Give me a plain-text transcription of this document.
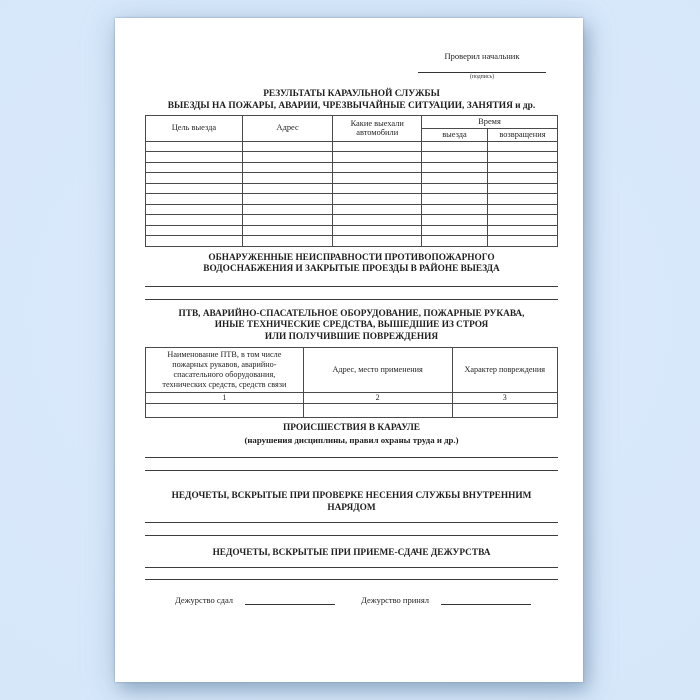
Проверил начальник
(подпись)
РЕЗУЛЬТАТЫ КАРАУЛЬНОЙ СЛУЖБЫ
ВЫЕЗДЫ НА ПОЖАРЫ, АВАРИИ, ЧРЕЗВЫЧАЙНЫЕ СИТУАЦИИ, ЗАНЯТИЯ и др.
Цель выезда	Адрес	Какие выехали автомобили	Время	
			выезда	возвращения

ОБНАРУЖЕННЫЕ НЕИСПРАВНОСТИ ПРОТИВОПОЖАРНОГО
ВОДОСНАБЖЕНИЯ И ЗАКРЫТЫЕ ПРОЕЗДЫ В РАЙОНЕ ВЫЕЗДА
ПТВ, АВАРИЙНО-СПАСАТЕЛЬНОЕ ОБОРУДОВАНИЕ, ПОЖАРНЫЕ РУКАВА,
ИНЫЕ ТЕХНИЧЕСКИЕ СРЕДСТВА, ВЫШЕДШИЕ ИЗ СТРОЯ
ИЛИ ПОЛУЧИВШИЕ ПОВРЕЖДЕНИЯ
Наименование ПТВ, в том числе пожарных рукавов, аварийно-спасательного оборудования, технических средств, средств связи	Адрес, место применения	Характер повреждения
1	2	3

ПРОИСШЕСТВИЯ В КАРАУЛЕ
(нарушения дисциплины, правил охраны труда и др.)
НЕДОЧЕТЫ, ВСКРЫТЫЕ ПРИ ПРОВЕРКЕ НЕСЕНИЯ СЛУЖБЫ ВНУТРЕННИМ
НАРЯДОМ
НЕДОЧЕТЫ, ВСКРЫТЫЕ ПРИ ПРИЕМЕ-СДАЧЕ ДЕЖУРСТВА
Дежурство сдал	Дежурство принял
